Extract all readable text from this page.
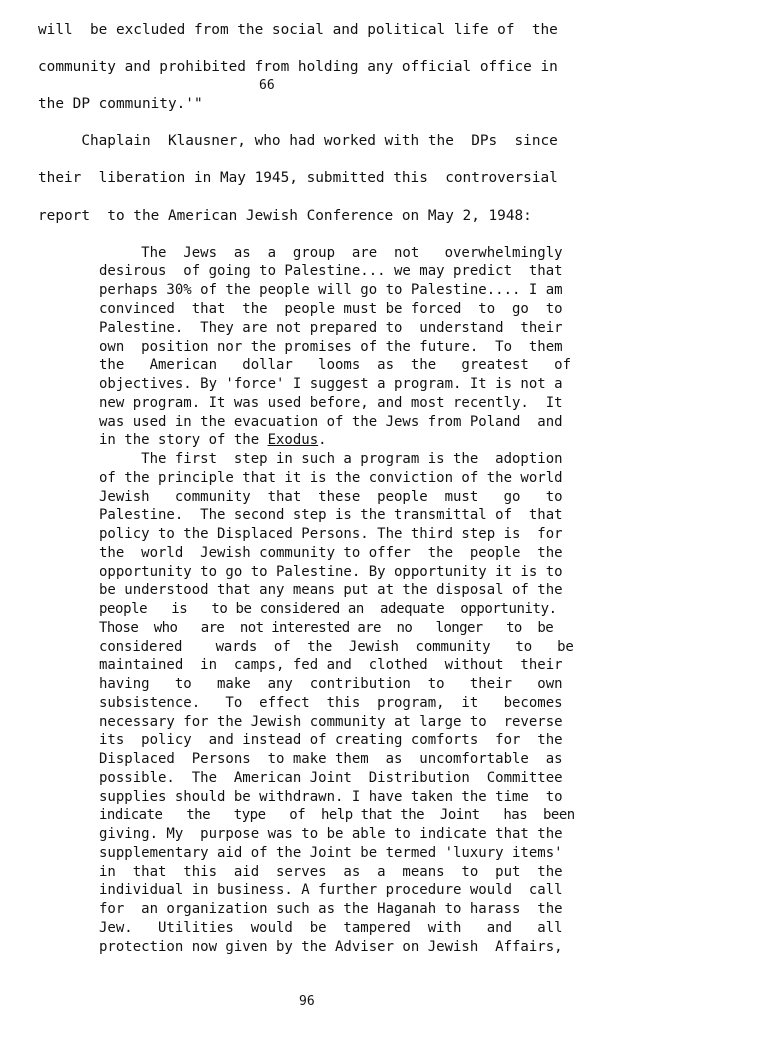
will  be excluded from the social and political life of  the
community and prohibited from holding any official office in
66
the DP community.'"
Chaplain  Klausner, who had worked with the  DPs  since
their  liberation in May 1945, submitted this  controversial
report  to the American Jewish Conference on May 2, 1948:
The  Jews  as  a  group  are  not   overwhelmingly
desirous  of going to Palestine... we may predict  that
perhaps 30% of the people will go to Palestine.... I am
convinced  that  the  people must be forced  to  go  to
Palestine.  They are not prepared to  understand  their
own  position nor the promises of the future.  To  them
the   American   dollar   looms  as  the   greatest   of
objectives. By 'force' I suggest a program. It is not a
new program. It was used before, and most recently.  It
was used in the evacuation of the Jews from Poland  and
in the story of the Exodus.
The first  step in such a program is the  adoption
of the principle that it is the conviction of the world
Jewish   community  that  these  people  must   go   to
Palestine.  The second step is the transmittal of  that
policy to the Displaced Persons. The third step is  for
the  world  Jewish community to offer  the  people  the
opportunity to go to Palestine. By opportunity it is to
be understood that any means put at the disposal of the
people   is   to be considered an  adequate  opportunity.
Those  who   are  not interested are  no   longer   to  be
considered    wards  of  the  Jewish  community   to   be
maintained  in  camps, fed and  clothed  without  their
having   to   make  any  contribution  to   their   own
subsistence.   To  effect  this  program,  it   becomes
necessary for the Jewish community at large to  reverse
its  policy  and instead of creating comforts  for  the
Displaced  Persons  to make them  as  uncomfortable  as
possible.  The  American Joint  Distribution  Committee
supplies should be withdrawn. I have taken the time  to
indicate   the   type   of  help that the  Joint   has  been
giving. My  purpose was to be able to indicate that the
supplementary aid of the Joint be termed 'luxury items'
in  that  this  aid  serves  as  a  means  to  put  the
individual in business. A further procedure would  call
for  an organization such as the Haganah to harass  the
Jew.   Utilities  would  be  tampered  with   and   all
protection now given by the Adviser on Jewish  Affairs,
96
